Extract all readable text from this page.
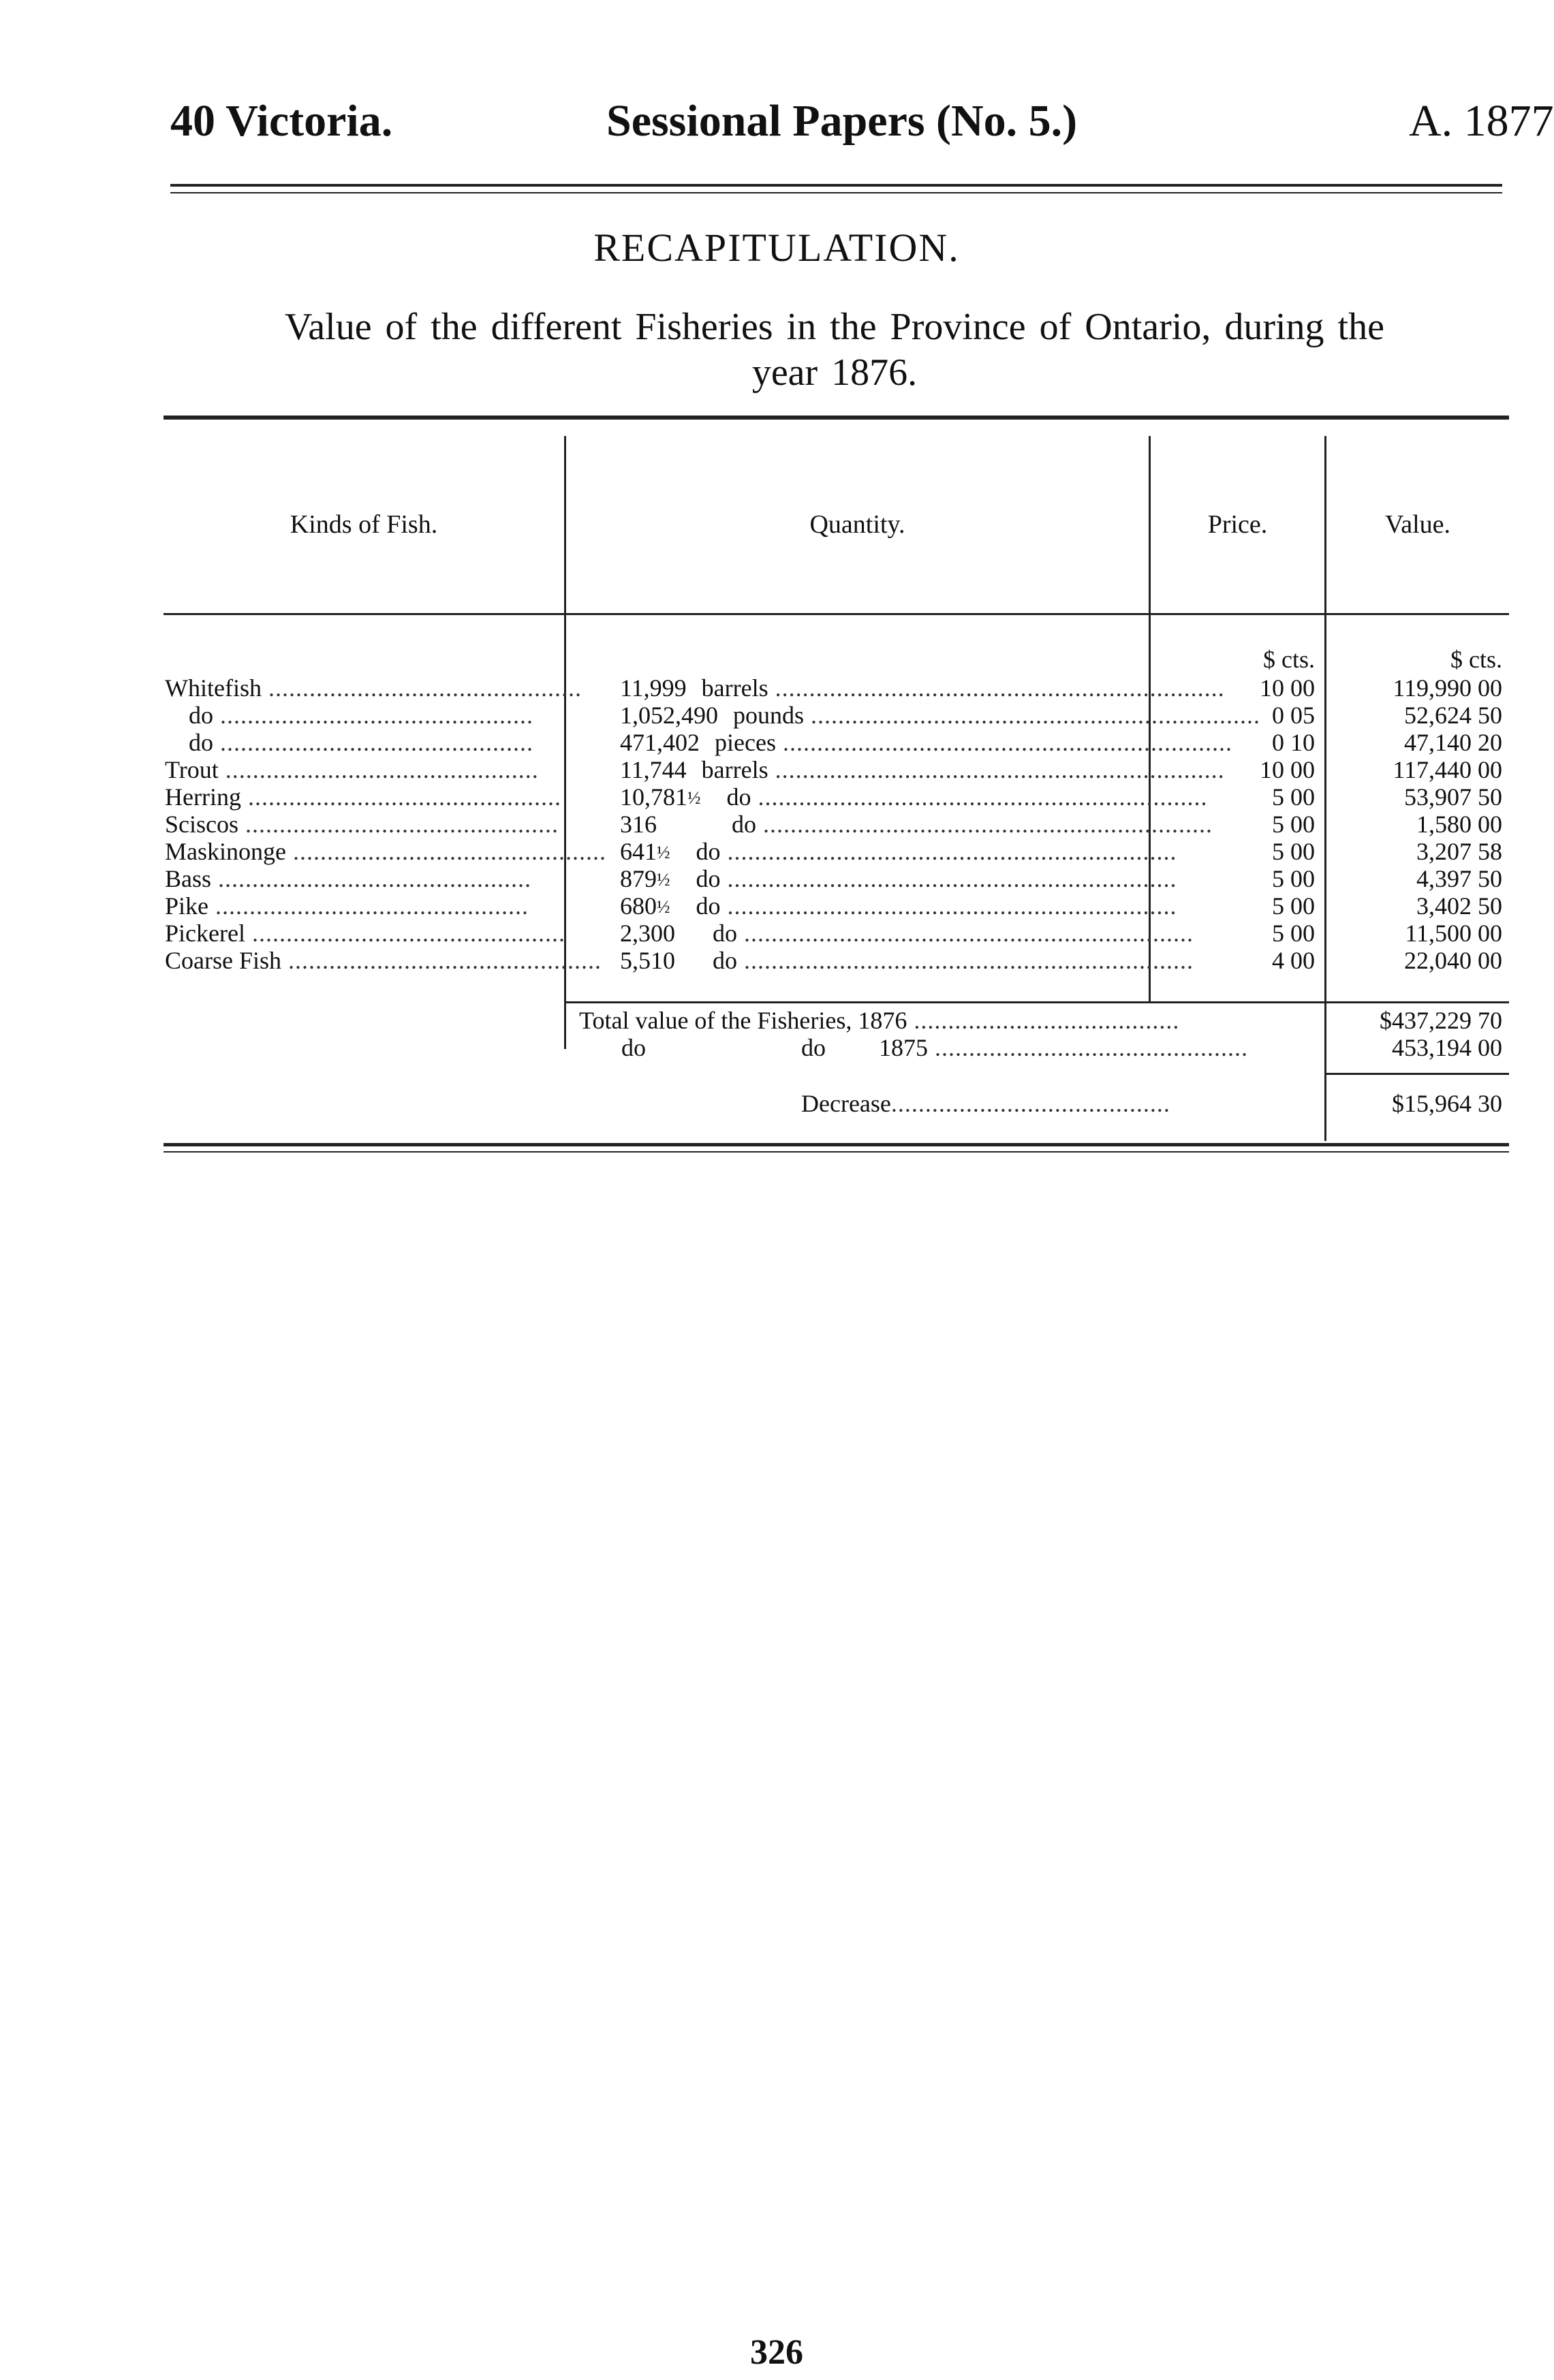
40 Victoria.	Sessional Papers (No. 5.)	A. 1877
RECAPITULATION.
Value of the different Fisheries in the Province of Ontario, during the
year 1876.
Kinds of Fish.	Quantity.	Price.	Value.
$ cts.	$ cts.
Whitefish .............................................. 11,999 barrels ..................................................................	10 00	119,990 00
do ..............................................	1,052,490 pounds .................................................................. 0 05	52,624 50
do ..............................................	471,402 pieces ..................................................................	0 10	47,140 20
Trout ..............................................	11,744 barrels ..................................................................	10 00	117,440 00
Herring .............................................. 10,781½ do ..................................................................	5 00	53,907 50
Sciscos ..............................................	316	do ..................................................................	5 00	1,580 00
Maskinonge .............................................. 641½ do ..................................................................	5 00	3,207 58
Bass ..............................................	879½ do ..................................................................	5 00	4,397 50
Pike ..............................................	680½ do ..................................................................	5 00	3,402 50
Pickerel .............................................. 2,300 do ..................................................................	5 00	11,500 00
Coarse Fish .............................................. 5,510 do ..................................................................	4 00	22,040 00
Total value of the Fisheries, 1876 .......................................	$437,229 70
do	do 1875 ..............................................	453,194 00
Decrease.........................................	$15,964 30
326
